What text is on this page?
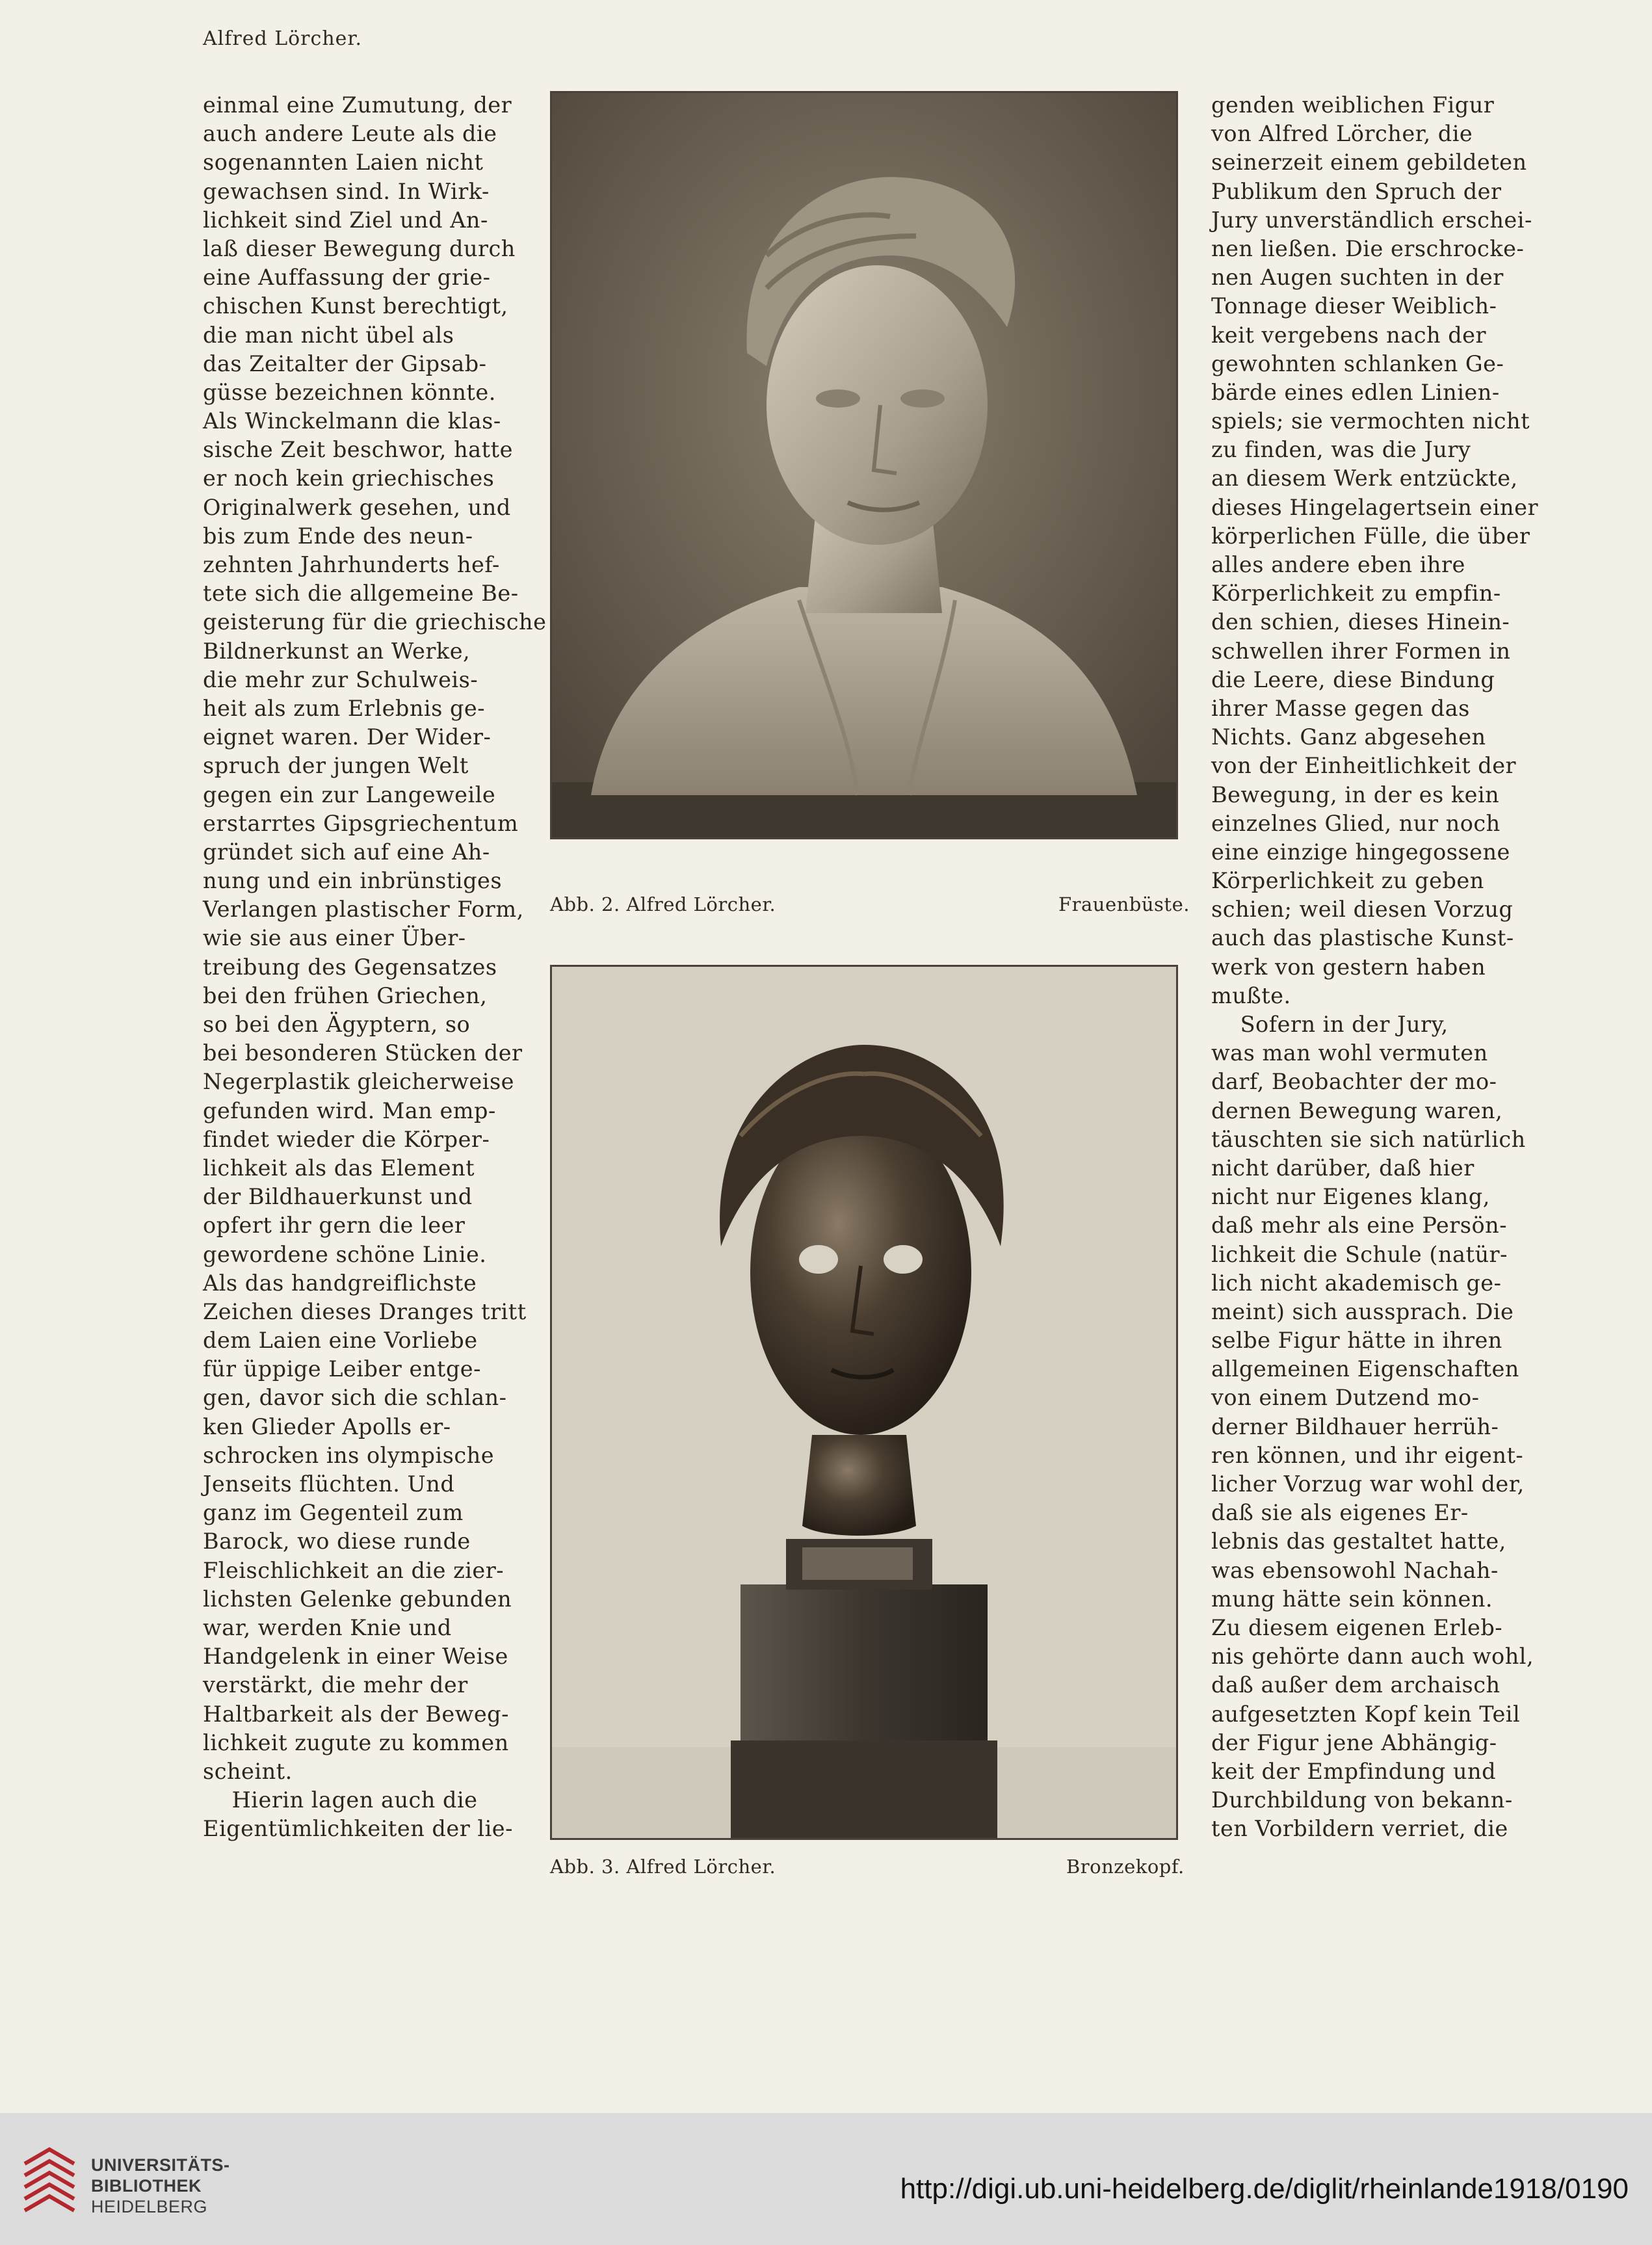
Alfred Lörcher.
einmal eine Zumutung, der
auch andere Leute als die
sogenannten Laien nicht
gewachsen sind. In Wirk-
lichkeit sind Ziel und An-
laß dieser Bewegung durch
eine Auffassung der grie-
chischen Kunst berechtigt,
die man nicht übel als
das Zeitalter der Gipsab-
güsse bezeichnen könnte.
Als Winckelmann die klas-
sische Zeit beschwor, hatte
er noch kein griechisches
Originalwerk gesehen, und
bis zum Ende des neun-
zehnten Jahrhunderts hef-
tete sich die allgemeine Be-
geisterung für die griechische
Bildnerkunst an Werke,
die mehr zur Schulweis-
heit als zum Erlebnis ge-
eignet waren. Der Wider-
spruch der jungen Welt
gegen ein zur Langeweile
erstarrtes Gipsgriechentum
gründet sich auf eine Ah-
nung und ein inbrünstiges
Verlangen plastischer Form,
wie sie aus einer Über-
treibung des Gegensatzes
bei den frühen Griechen,
so bei den Ägyptern, so
bei besonderen Stücken der
Negerplastik gleicherweise
gefunden wird. Man emp-
findet wieder die Körper-
lichkeit als das Element
der Bildhauerkunst und
opfert ihr gern die leer
gewordene schöne Linie.
Als das handgreiflichste
Zeichen dieses Dranges tritt
dem Laien eine Vorliebe
für üppige Leiber entge-
gen, davor sich die schlan-
ken Glieder Apolls er-
schrocken ins olympische
Jenseits flüchten. Und
ganz im Gegenteil zum
Barock, wo diese runde
Fleischlichkeit an die zier-
lichsten Gelenke gebunden
war, werden Knie und
Handgelenk in einer Weise
verstärkt, die mehr der
Haltbarkeit als der Beweg-
lichkeit zugute zu kommen
scheint.
Hierin lagen auch die
Eigentümlichkeiten der lie-
genden weiblichen Figur
von Alfred Lörcher, die
seinerzeit einem gebildeten
Publikum den Spruch der
Jury unverständlich erschei-
nen ließen. Die erschrocke-
nen Augen suchten in der
Tonnage dieser Weiblich-
keit vergebens nach der
gewohnten schlanken Ge-
bärde eines edlen Linien-
spiels; sie vermochten nicht
zu finden, was die Jury
an diesem Werk entzückte,
dieses Hingelagertsein einer
körperlichen Fülle, die über
alles andere eben ihre
Körperlichkeit zu empfin-
den schien, dieses Hinein-
schwellen ihrer Formen in
die Leere, diese Bindung
ihrer Masse gegen das
Nichts. Ganz abgesehen
von der Einheitlichkeit der
Bewegung, in der es kein
einzelnes Glied, nur noch
eine einzige hingegossene
Körperlichkeit zu geben
schien; weil diesen Vorzug
auch das plastische Kunst-
werk von gestern haben
mußte.
Sofern in der Jury,
was man wohl vermuten
darf, Beobachter der mo-
dernen Bewegung waren,
täuschten sie sich natürlich
nicht darüber, daß hier
nicht nur Eigenes klang,
daß mehr als eine Persön-
lichkeit die Schule (natür-
lich nicht akademisch ge-
meint) sich aussprach. Die
selbe Figur hätte in ihren
allgemeinen Eigenschaften
von einem Dutzend mo-
derner Bildhauer herrüh-
ren können, und ihr eigent-
licher Vorzug war wohl der,
daß sie als eigenes Er-
lebnis das gestaltet hatte,
was ebensowohl Nachah-
mung hätte sein können.
Zu diesem eigenen Erleb-
nis gehörte dann auch wohl,
daß außer dem archaisch
aufgesetzten Kopf kein Teil
der Figur jene Abhängig-
keit der Empfindung und
Durchbildung von bekann-
ten Vorbildern verriet, die
Abb. 2. Alfred Lörcher.	Frauenbüste.
Abb. 3. Alfred Lörcher.	Bronzekopf.
UNIVERSITÄTS-
BIBLIOTHEK
HEIDELBERG
http://digi.ub.uni-heidelberg.de/diglit/rheinlande1918/0190
